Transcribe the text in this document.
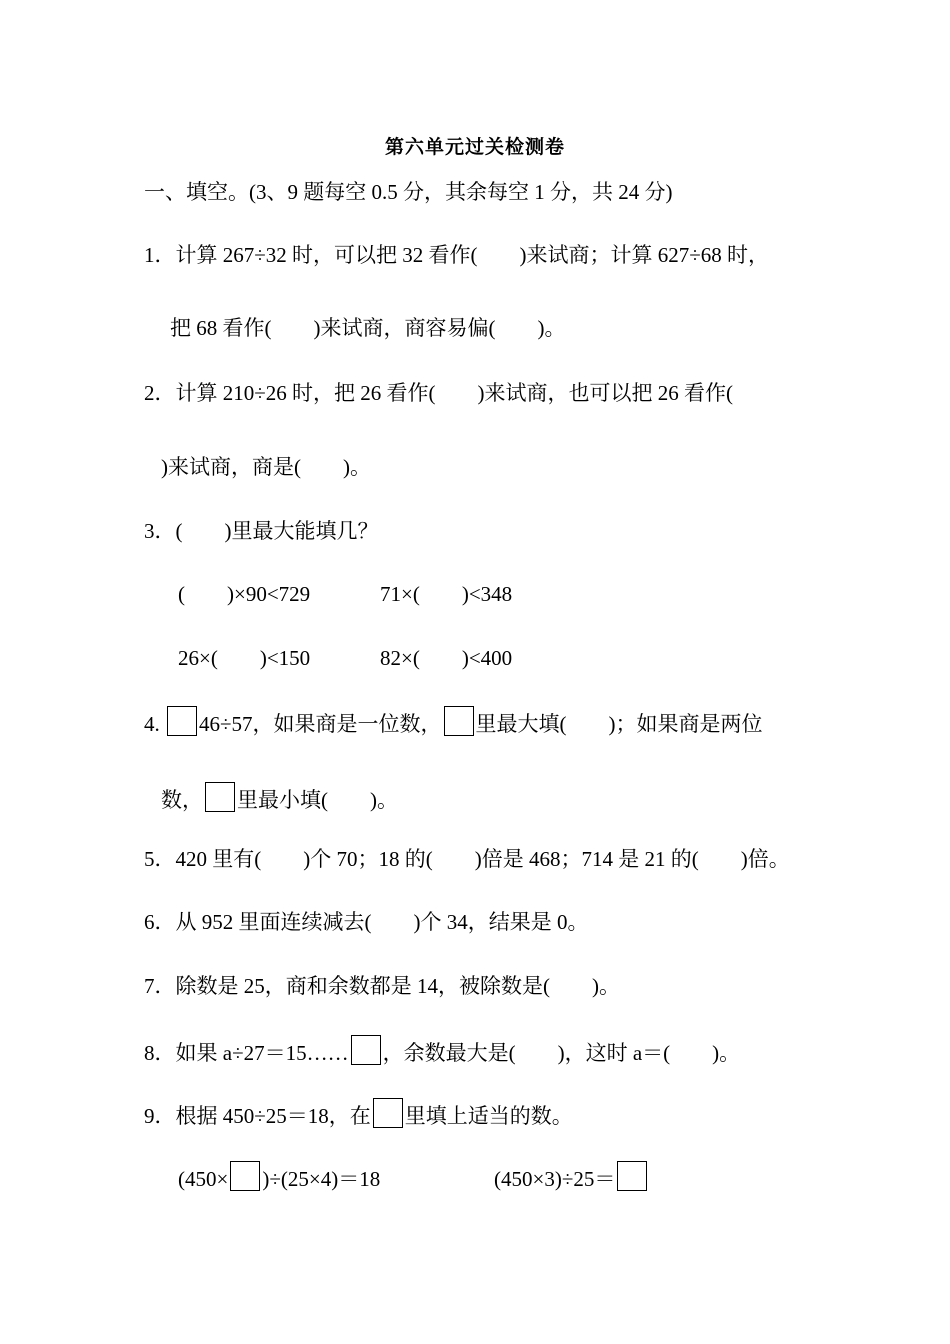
第六单元过关检测卷
一、填空。(3、9 题每空 0.5 分，其余每空 1 分，共 24 分)
1．计算 267÷32 时，可以把 32 看作(　　)来试商；计算 627÷68 时，
把 68 看作(　　)来试商，商容易偏(　　)。
2．计算 210÷26 时，把 26 看作(　　)来试商，也可以把 26 看作(
)来试商，商是(　　)。
3．(　　)里最大能填几？
(　　)×90<729	71×(　　)<348
26×(　　)<150	82×(　　)<400
4. 46÷57，如果商是一位数， 里最大填(　　)；如果商是两位
数， 里最小填(　　)。
5．420 里有(　　)个 70；18 的(　　)倍是 468；714 是 21 的(　　)倍。
6．从 952 里面连续减去(　　)个 34，结果是 0。
7．除数是 25，商和余数都是 14，被除数是(　　)。
8．如果 a÷27＝15…… ，余数最大是(　　)，这时 a＝(　　)。
9．根据 450÷25＝18，在 里填上适当的数。
(450× )÷(25×4)＝18	(450×3)÷25＝
